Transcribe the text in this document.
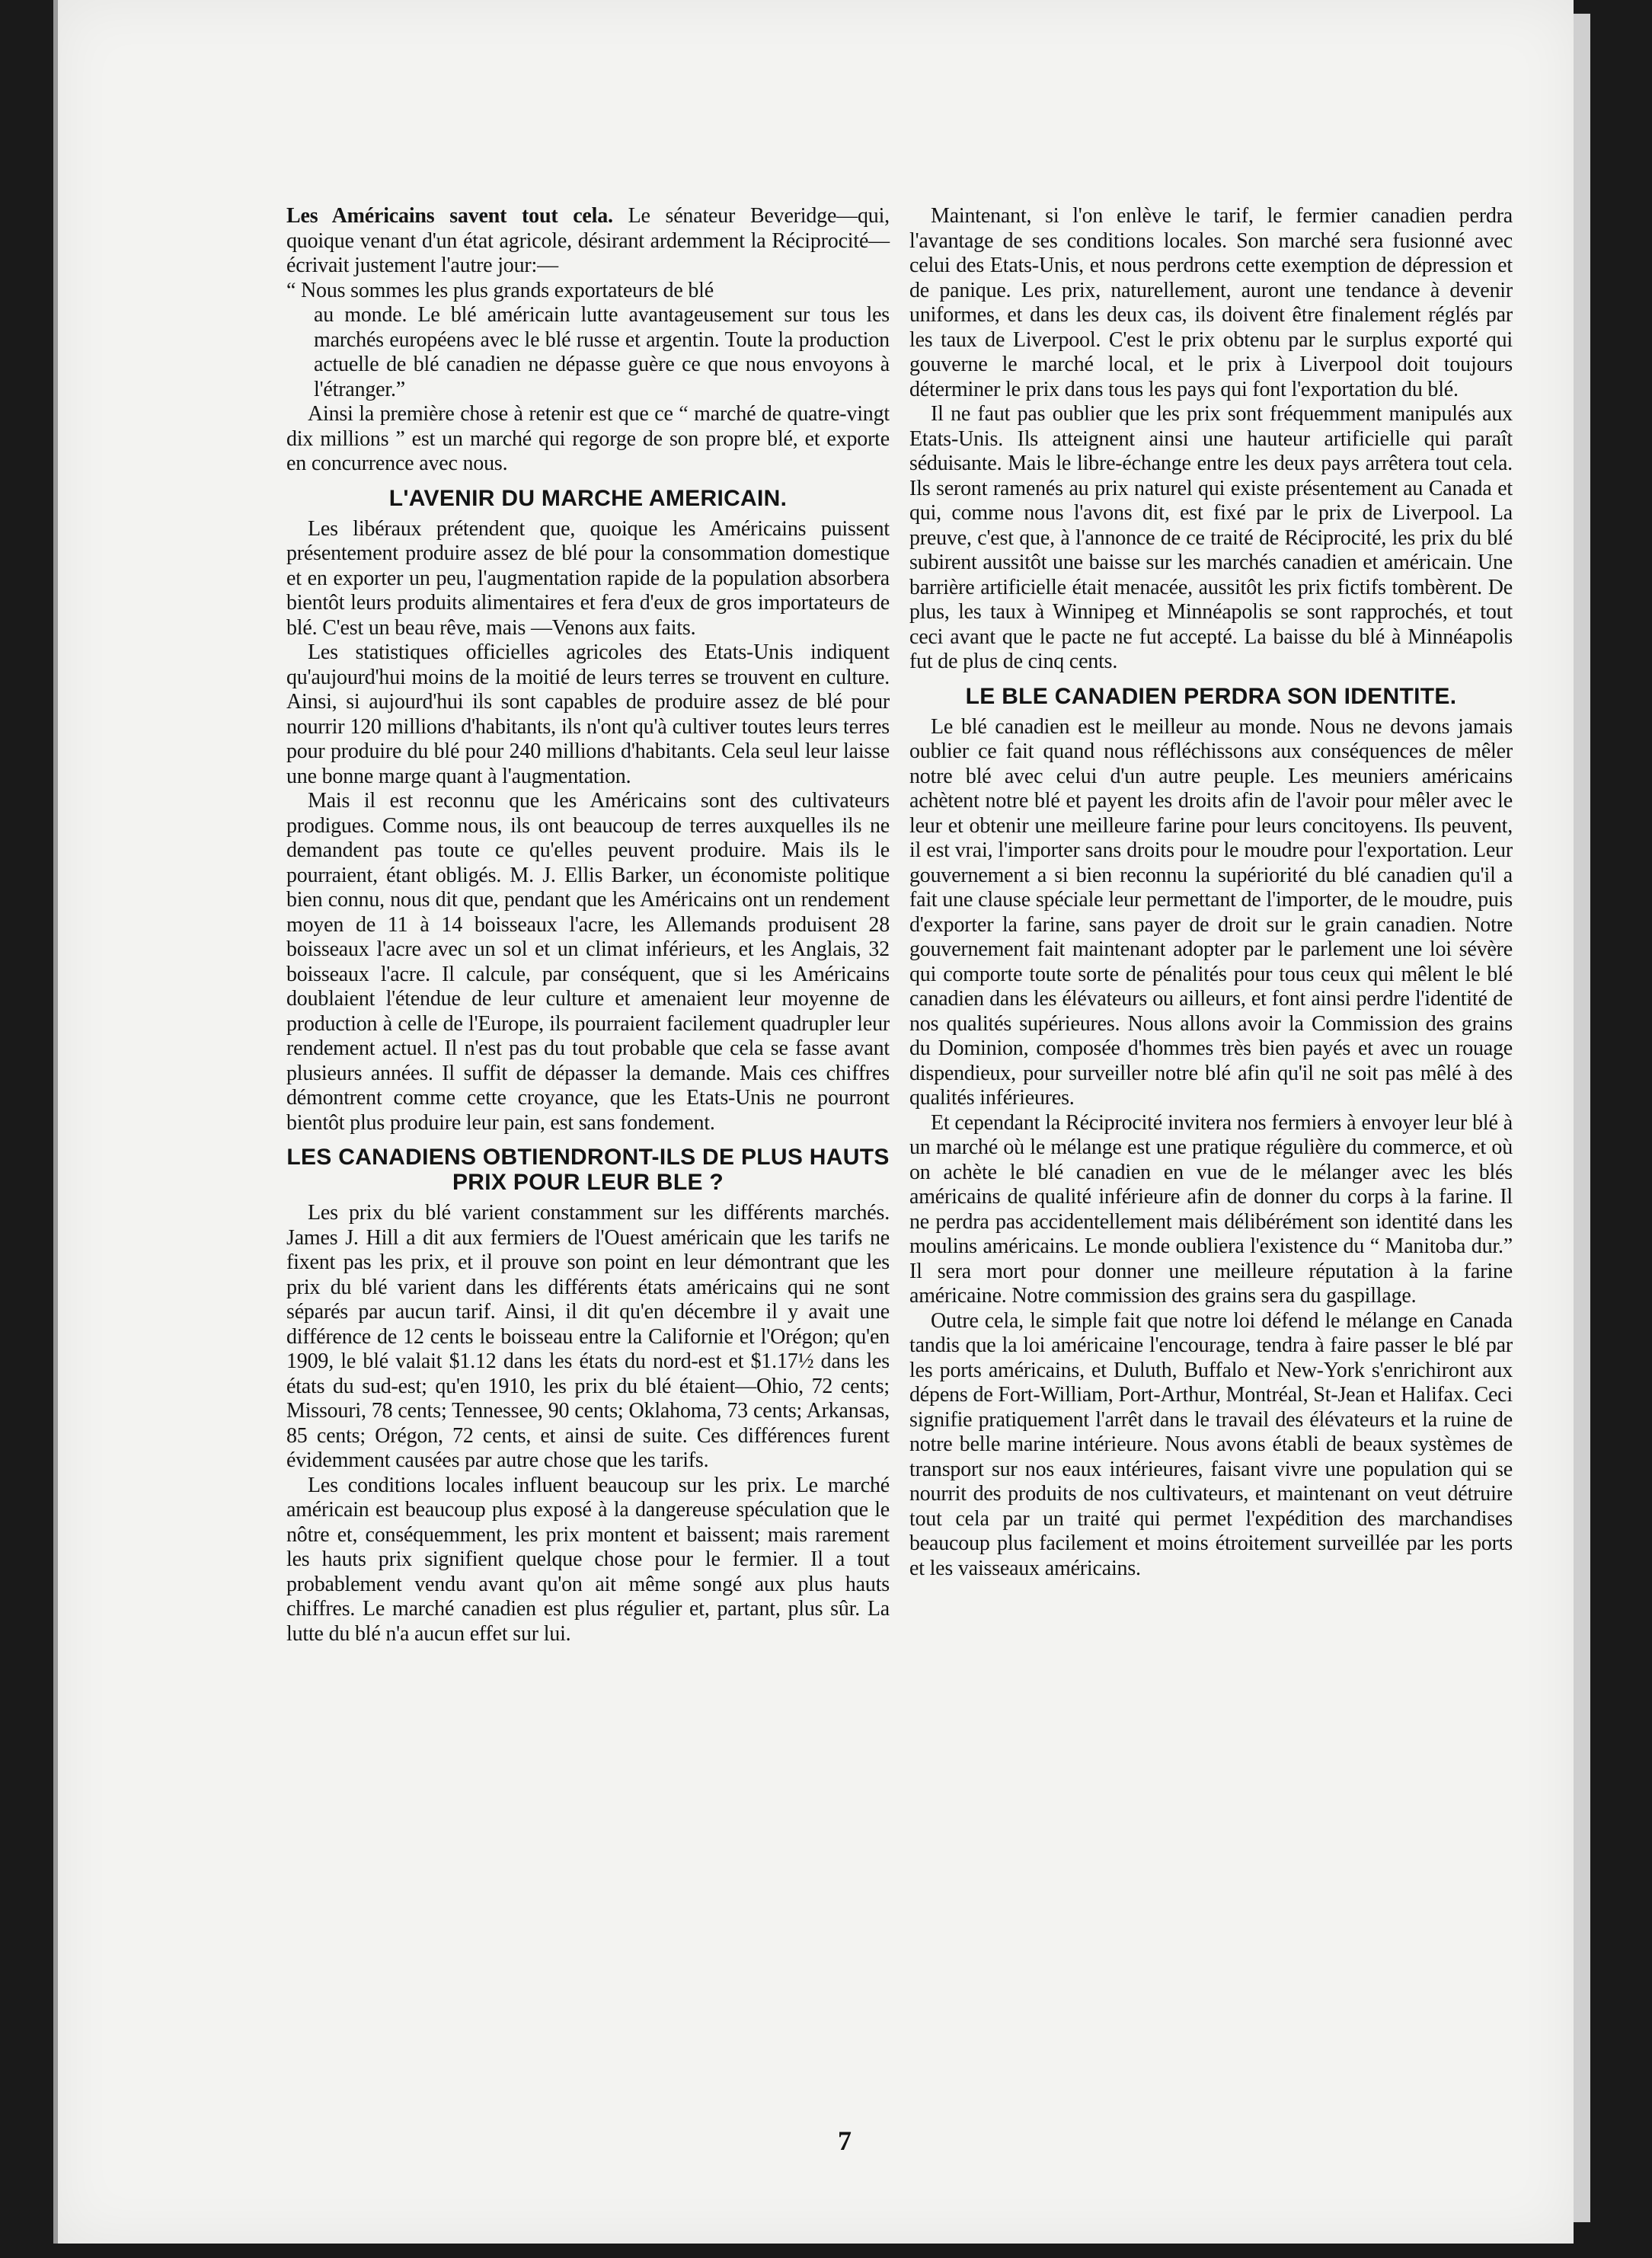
Les Américains savent tout cela. Le sénateur Beveridge—qui, quoique venant d'un état agricole, désirant ardemment la Réciprocité—écrivait justement l'autre jour:—

“ Nous sommes les plus grands exportateurs de blé

au monde. Le blé américain lutte avantageusement sur tous les marchés européens avec le blé russe et argentin. Toute la production actuelle de blé canadien ne dépasse guère ce que nous envoyons à l'étranger.”

Ainsi la première chose à retenir est que ce “ marché de quatre-vingt dix millions ” est un marché qui regorge de son propre blé, et exporte en concurrence avec nous.

L'AVENIR DU MARCHE AMERICAIN.

Les libéraux prétendent que, quoique les Américains puissent présentement produire assez de blé pour la consommation domestique et en exporter un peu, l'augmentation rapide de la population absorbera bientôt leurs produits alimentaires et fera d'eux de gros importateurs de blé. C'est un beau rêve, mais —Venons aux faits.

Les statistiques officielles agricoles des Etats-Unis indiquent qu'aujourd'hui moins de la moitié de leurs terres se trouvent en culture. Ainsi, si aujourd'hui ils sont capables de produire assez de blé pour nourrir 120 millions d'habitants, ils n'ont qu'à cultiver toutes leurs terres pour produire du blé pour 240 millions d'habitants. Cela seul leur laisse une bonne marge quant à l'augmentation.

Mais il est reconnu que les Américains sont des cultivateurs prodigues. Comme nous, ils ont beaucoup de terres auxquelles ils ne demandent pas toute ce qu'elles peuvent produire. Mais ils le pourraient, étant obligés. M. J. Ellis Barker, un économiste politique bien connu, nous dit que, pendant que les Américains ont un rendement moyen de 11 à 14 boisseaux l'acre, les Allemands produisent 28 boisseaux l'acre avec un sol et un climat inférieurs, et les Anglais, 32 boisseaux l'acre. Il calcule, par conséquent, que si les Américains doublaient l'étendue de leur culture et amenaient leur moyenne de production à celle de l'Europe, ils pourraient facilement quadrupler leur rendement actuel. Il n'est pas du tout probable que cela se fasse avant plusieurs années. Il suffit de dépasser la demande. Mais ces chiffres démontrent comme cette croyance, que les Etats-Unis ne pourront bientôt plus produire leur pain, est sans fondement.

LES CANADIENS OBTIENDRONT-ILS DE PLUS HAUTS PRIX POUR LEUR BLE ?

Les prix du blé varient constamment sur les différents marchés. James J. Hill a dit aux fermiers de l'Ouest américain que les tarifs ne fixent pas les prix, et il prouve son point en leur démontrant que les prix du blé varient dans les différents états américains qui ne sont séparés par aucun tarif. Ainsi, il dit qu'en décembre il y avait une différence de 12 cents le boisseau entre la Californie et l'Orégon; qu'en 1909, le blé valait $1.12 dans les états du nord-est et $1.17½ dans les états du sud-est; qu'en 1910, les prix du blé étaient—Ohio, 72 cents; Missouri, 78 cents; Tennessee, 90 cents; Oklahoma, 73 cents; Arkansas, 85 cents; Orégon, 72 cents, et ainsi de suite. Ces différences furent évidemment causées par autre chose que les tarifs.

Les conditions locales influent beaucoup sur les prix. Le marché américain est beaucoup plus exposé à la dangereuse spéculation que le nôtre et, conséquemment, les prix montent et baissent; mais rarement les hauts prix signifient quelque chose pour le fermier. Il a tout probablement vendu avant qu'on ait même songé aux plus hauts chiffres. Le marché canadien est plus régulier et, partant, plus sûr. La lutte du blé n'a aucun effet sur lui.

Maintenant, si l'on enlève le tarif, le fermier canadien perdra l'avantage de ses conditions locales. Son marché sera fusionné avec celui des Etats-Unis, et nous perdrons cette exemption de dépression et de panique. Les prix, naturellement, auront une tendance à devenir uniformes, et dans les deux cas, ils doivent être finalement réglés par les taux de Liverpool. C'est le prix obtenu par le surplus exporté qui gouverne le marché local, et le prix à Liverpool doit toujours déterminer le prix dans tous les pays qui font l'exportation du blé.

Il ne faut pas oublier que les prix sont fréquemment manipulés aux Etats-Unis. Ils atteignent ainsi une hauteur artificielle qui paraît séduisante. Mais le libre-échange entre les deux pays arrêtera tout cela. Ils seront ramenés au prix naturel qui existe présentement au Canada et qui, comme nous l'avons dit, est fixé par le prix de Liverpool. La preuve, c'est que, à l'annonce de ce traité de Réciprocité, les prix du blé subirent aussitôt une baisse sur les marchés canadien et américain. Une barrière artificielle était menacée, aussitôt les prix fictifs tombèrent. De plus, les taux à Winnipeg et Minnéapolis se sont rapprochés, et tout ceci avant que le pacte ne fut accepté. La baisse du blé à Minnéapolis fut de plus de cinq cents.

LE BLE CANADIEN PERDRA SON IDENTITE.

Le blé canadien est le meilleur au monde. Nous ne devons jamais oublier ce fait quand nous réfléchissons aux conséquences de mêler notre blé avec celui d'un autre peuple. Les meuniers américains achètent notre blé et payent les droits afin de l'avoir pour mêler avec le leur et obtenir une meilleure farine pour leurs concitoyens. Ils peuvent, il est vrai, l'importer sans droits pour le moudre pour l'exportation. Leur gouvernement a si bien reconnu la supériorité du blé canadien qu'il a fait une clause spéciale leur permettant de l'importer, de le moudre, puis d'exporter la farine, sans payer de droit sur le grain canadien. Notre gouvernement fait maintenant adopter par le parlement une loi sévère qui comporte toute sorte de pénalités pour tous ceux qui mêlent le blé canadien dans les élévateurs ou ailleurs, et font ainsi perdre l'identité de nos qualités supérieures. Nous allons avoir la Commission des grains du Dominion, composée d'hommes très bien payés et avec un rouage dispendieux, pour surveiller notre blé afin qu'il ne soit pas mêlé à des qualités inférieures.

Et cependant la Réciprocité invitera nos fermiers à envoyer leur blé à un marché où le mélange est une pratique régulière du commerce, et où on achète le blé canadien en vue de le mélanger avec les blés américains de qualité inférieure afin de donner du corps à la farine. Il ne perdra pas accidentellement mais délibérément son identité dans les moulins américains. Le monde oubliera l'existence du “ Manitoba dur.” Il sera mort pour donner une meilleure réputation à la farine américaine. Notre commission des grains sera du gaspillage.

Outre cela, le simple fait que notre loi défend le mélange en Canada tandis que la loi américaine l'encourage, tendra à faire passer le blé par les ports américains, et Duluth, Buffalo et New-York s'enrichiront aux dépens de Fort-William, Port-Arthur, Montréal, St-Jean et Halifax. Ceci signifie pratiquement l'arrêt dans le travail des élévateurs et la ruine de notre belle marine intérieure. Nous avons établi de beaux systèmes de transport sur nos eaux intérieures, faisant vivre une population qui se nourrit des produits de nos cultivateurs, et maintenant on veut détruire tout cela par un traité qui permet l'expédition des marchandises beaucoup plus facilement et moins étroitement surveillée par les ports et les vaisseaux américains.

7
